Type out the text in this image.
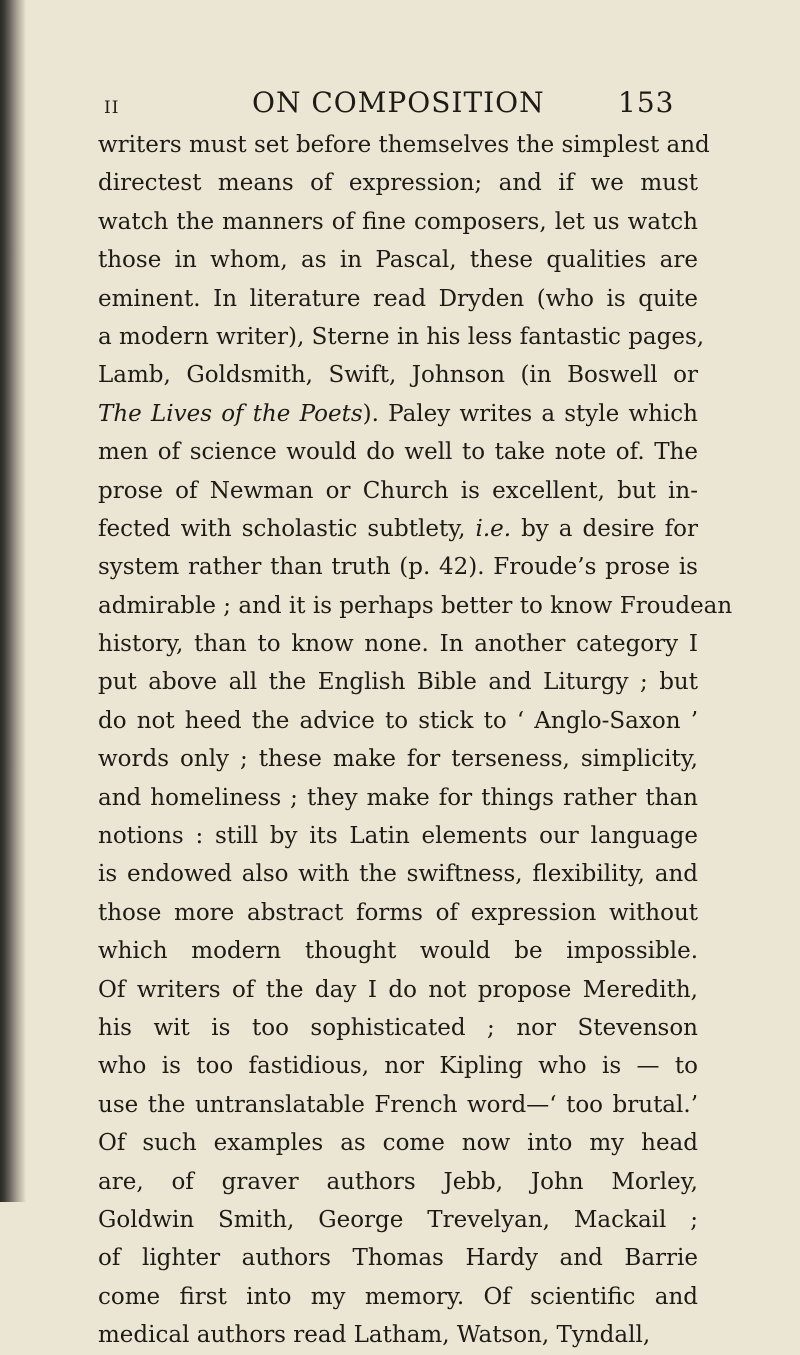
II	ON COMPOSITION	153
writers must set before themselves the simplest and
directest means of expression; and if we must
watch the manners of fine composers, let us watch
those in whom, as in Pascal, these qualities are
eminent. In literature read Dryden (who is quite
a modern writer), Sterne in his less fantastic pages,
Lamb, Goldsmith, Swift, Johnson (in Boswell or
The Lives of the Poets). Paley writes a style which
men of science would do well to take note of. The
prose of Newman or Church is excellent, but in-
fected with scholastic subtlety, i.e. by a desire for
system rather than truth (p. 42). Froude’s prose is
admirable ; and it is perhaps better to know Froudean
history, than to know none. In another category I
put above all the English Bible and Liturgy ; but
do not heed the advice to stick to ‘ Anglo-Saxon ’
words only ; these make for terseness, simplicity,
and homeliness ; they make for things rather than
notions : still by its Latin elements our language
is endowed also with the swiftness, flexibility, and
those more abstract forms of expression without
which modern thought would be impossible.
Of writers of the day I do not propose Meredith,
his wit is too sophisticated ; nor Stevenson
who is too fastidious, nor Kipling who is — to
use the untranslatable French word—‘ too brutal.’
Of such examples as come now into my head
are, of graver authors Jebb, John Morley,
Goldwin Smith, George Trevelyan, Mackail ;
of lighter authors Thomas Hardy and Barrie
come first into my memory. Of scientific and
medical authors read Latham, Watson, Tyndall,
